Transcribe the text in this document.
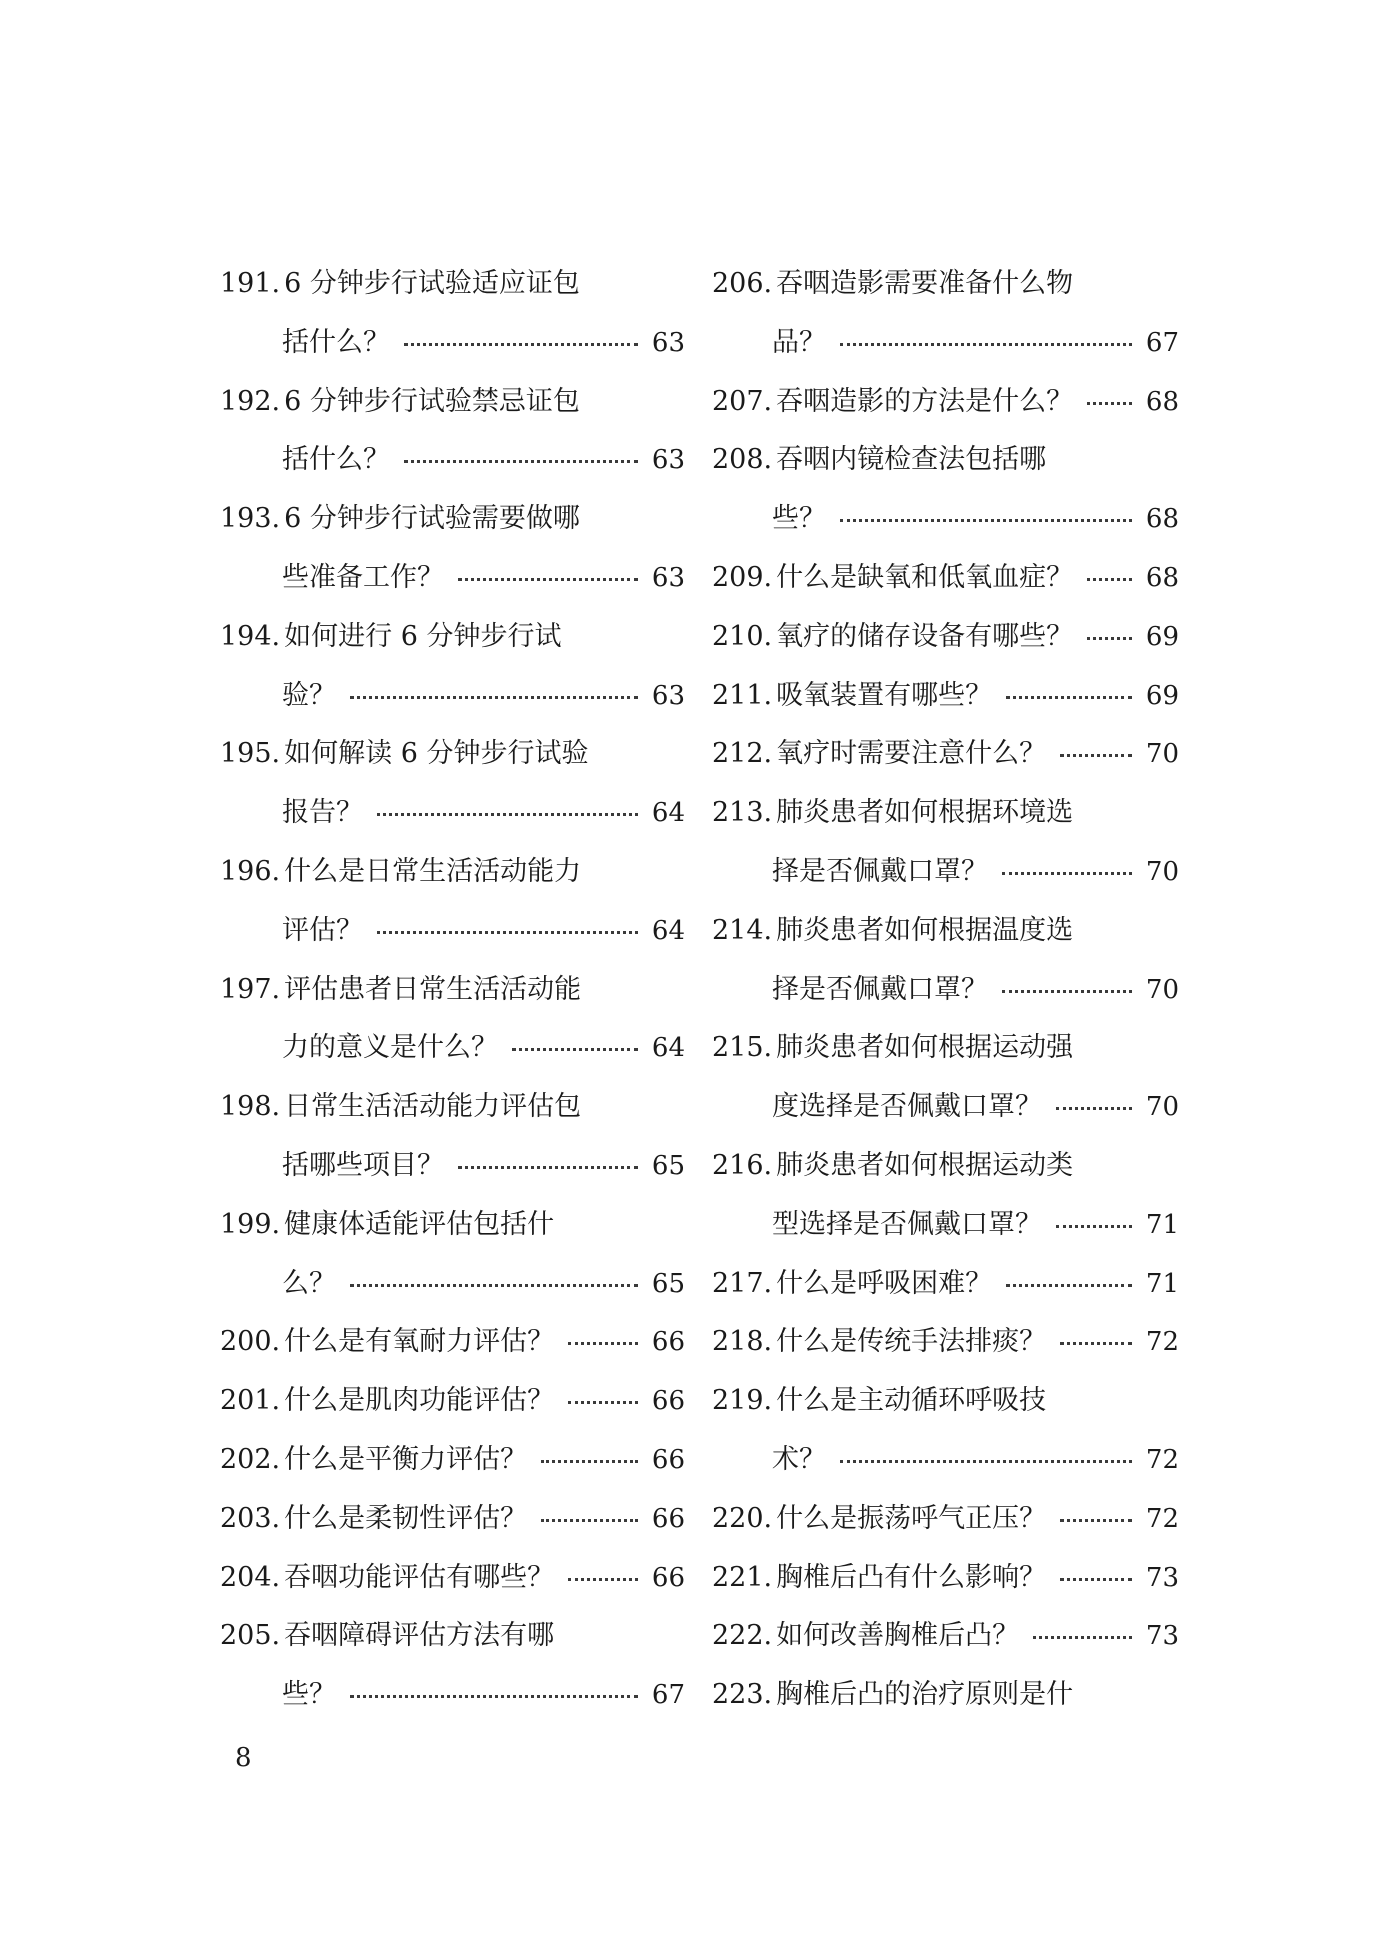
191. 6 分钟步行试验适应证包
括什么？	63
192. 6 分钟步行试验禁忌证包
括什么？	63
193. 6 分钟步行试验需要做哪
些准备工作？	63
194. 如何进行 6 分钟步行试
验？	63
195. 如何解读 6 分钟步行试验
报告？	64
196. 什么是日常生活活动能力
评估？	64
197. 评估患者日常生活活动能
力的意义是什么？	64
198. 日常生活活动能力评估包
括哪些项目？	65
199. 健康体适能评估包括什
么？	65
200. 什么是有氧耐力评估？	66
201. 什么是肌肉功能评估？	66
202. 什么是平衡力评估？	66
203. 什么是柔韧性评估？	66
204. 吞咽功能评估有哪些？	66
205. 吞咽障碍评估方法有哪
些？	67
206. 吞咽造影需要准备什么物
品？	67
207. 吞咽造影的方法是什么？	68
208. 吞咽内镜检查法包括哪
些？	68
209. 什么是缺氧和低氧血症？	68
210. 氧疗的储存设备有哪些？	69
211. 吸氧装置有哪些？	69
212. 氧疗时需要注意什么？	70
213. 肺炎患者如何根据环境选
择是否佩戴口罩？	70
214. 肺炎患者如何根据温度选
择是否佩戴口罩？	70
215. 肺炎患者如何根据运动强
度选择是否佩戴口罩？	70
216. 肺炎患者如何根据运动类
型选择是否佩戴口罩？	71
217. 什么是呼吸困难？	71
218. 什么是传统手法排痰？	72
219. 什么是主动循环呼吸技
术？	72
220. 什么是振荡呼气正压？	72
221. 胸椎后凸有什么影响？	73
222. 如何改善胸椎后凸？	73
223. 胸椎后凸的治疗原则是什
8
